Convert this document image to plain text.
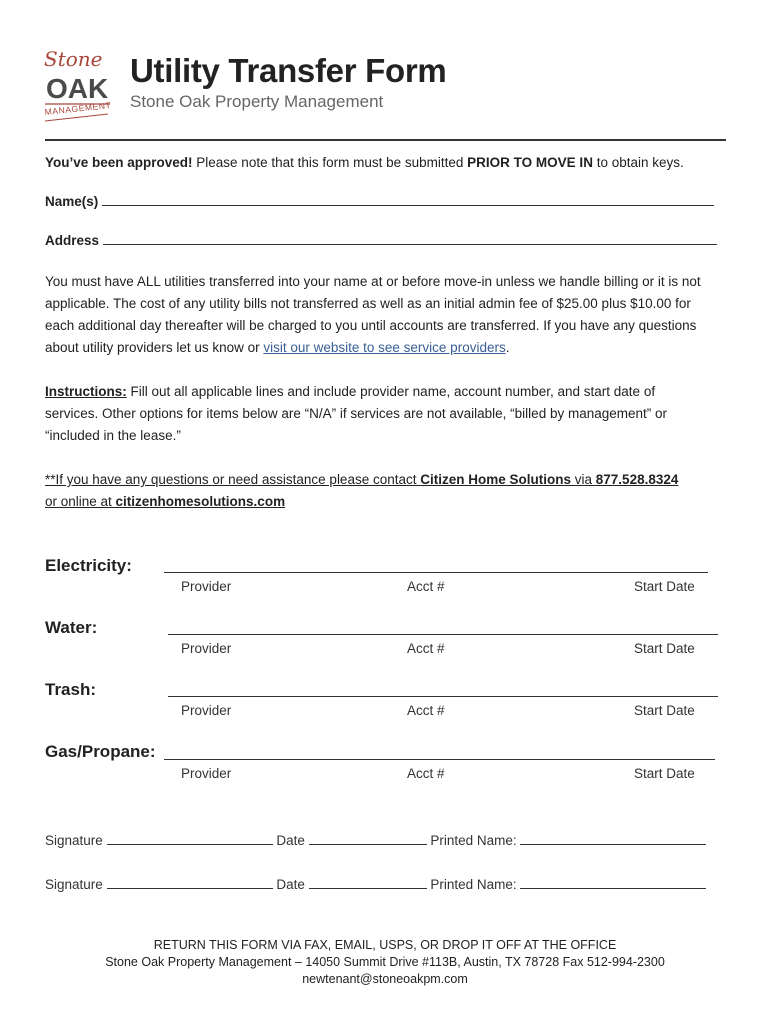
Stone
OAK
MANAGEMENT
Utility Transfer Form
Stone Oak Property Management
You’ve been approved! Please note that this form must be submitted PRIOR TO MOVE IN to obtain keys.
Name(s)
Address
You must have ALL utilities transferred into your name at or before move-in unless we handle billing or it is not applicable. The cost of any utility bills not transferred as well as an initial admin fee of $25.00 plus $10.00 for each additional day thereafter will be charged to you until accounts are transferred. If you have any questions about utility providers let us know or visit our website to see service providers.
Instructions: Fill out all applicable lines and include provider name, account number, and start date of services. Other options for items below are “N/A” if services are not available, “billed by management” or “included in the lease.”
**If you have any questions or need assistance please contact Citizen Home Solutions via 877.528.8324
or online at citizenhomesolutions.com
Electricity:
Provider	Acct #	Start Date
Water:
Provider	Acct #	Start Date
Trash:
Provider	Acct #	Start Date
Gas/Propane:
Provider	Acct #	Start Date
Signature	Date	Printed Name:
Signature	Date	Printed Name:
RETURN THIS FORM VIA FAX, EMAIL, USPS, OR DROP IT OFF AT THE OFFICE
Stone Oak Property Management – 14050 Summit Drive #113B, Austin, TX 78728 Fax 512-994-2300
newtenant@stoneoakpm.com
